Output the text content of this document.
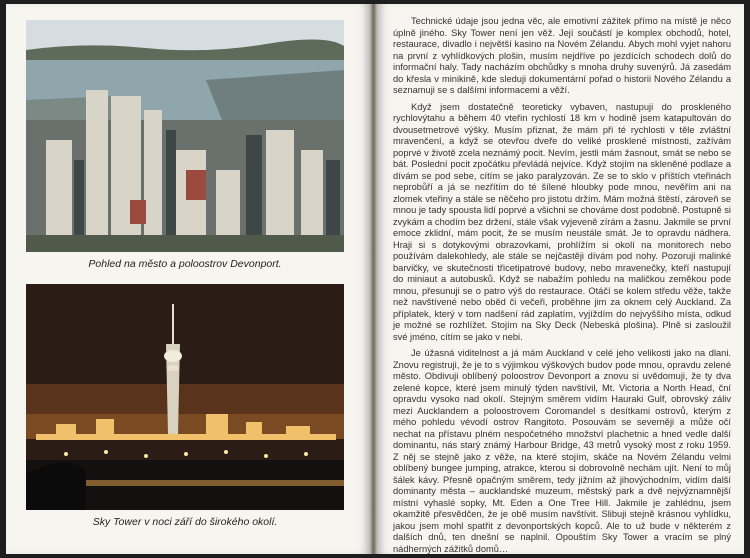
Pohled na město a poloostrov Devonport.
Sky Tower v noci září do širokého okolí.

Technické údaje jsou jedna věc, ale emotivní zážitek přímo na místě je něco úplně jiného. Sky Tower není jen věž. Její součástí je komplex obchodů, hotel, restaurace, divadlo i největší kasino na Novém Zélandu. Abych mohl vyjet nahoru na první z vyhlídkových plošin, musím nejdříve po jezdících schodech dolů do informační haly. Tady nacházím obchůdky s mnoha druhy suvenýrů. Já zasedám do křesla v minikině, kde sleduji dokumentární pořad o historii Nového Zélandu a seznamuji se s dalšími informacemi a věží.

Když jsem dostatečně teoreticky vybaven, nastupuji do proskleného rychlovýtahu a během 40 vteřin rychlostí 18 km v hodině jsem katapultován do dvousetmetrové výšky. Musím přiznat, že mám při té rychlosti v těle zvláštní mravenčení, a když se otevřou dveře do veliké prosklené místnosti, zažívám poprvé v životě zcela neznámý pocit. Nevím, jestli mám žasnout, smát se nebo se bát. Poslední pocit zpočátku převládá nejvíce. Když stojím na skleněné podlaze a dívám se pod sebe, cítím se jako paralyzován. Ze se to sklo v příštích vteřinách neprobůří a já se nezřítím do té šílené hloubky pode mnou, nevěřím ani na zlomek vteřiny a stále se něčeho pro jistotu držím. Mám možná štěstí, zároveň se mnou je tady spousta lidí poprvé a všichni se chováme dost podobně. Postupně si zvykám a chodím bez držení, stále však vyjeveně zírám a žasnu. Jakmile se první emoce zklidní, mám pocit, že se musím neustále smát. Je to opravdu nádhera. Hraji si s dotykovými obrazovkami, prohlížím si okolí na monitorech nebo používám dalekohledy, ale stále se nejčastěji dívám pod nohy. Pozoruji malinké barvičky, ve skutečnosti třicetipatrové budovy, nebo mravenečky, kteří nastupují do miniaut a autobusků. Když se nabažím pohledu na maličkou zeměkou pode mnou, přesunuji se o patro výš do restaurace. Otáčí se kolem středu věže, takže než navštívené nebo oběd či večeři, proběhne jim za oknem celý Auckland. Za příplatek, který v tom nadšení rád zaplatím, vyjíždím do nejvyššího místa, odkud je možné se rozhlížet. Stojím na Sky Deck (Nebeská plošina). Plně si zasloužil své jméno, cítím se jako v nebi.

Je úžasná viditelnost a já mám Auckland v celé jeho velikosti jako na dlani. Znovu registruji, že je to s výjimkou výškových budov pode mnou, opravdu zelené město. Obdivuji oblíbený poloostrov Devonport a znovu si uvědomuji, že ty dva zelené kopce, které jsem minulý týden navštívil, Mt. Victoria a North Head, ční opravdu vysoko nad okolí. Stejným směrem vidím Hauraki Gulf, obrovský záliv mezi Aucklandem a poloostrovem Coromandel s desítkami ostrovů, kterým z mého pohledu vévodí ostrov Rangitoto. Posouvám se severněji a může očí nechat na přístavu plném nespočetného množství plachetnic a hned vedle další dominantu, nás starý známý Harbour Bridge, 43 metrů vysoký most z roku 1959. Z něj se stejně jako z věže, na které stojím, skáče na Novém Zélandu velmi oblíbený bungee jumping, atrakce, kterou si dobrovolně nechám ujít. Není to můj šálek kávy. Přesně opačným směrem, tedy jižním až jihovýchodním, vidím další dominanty města – aucklandské muzeum, městský park a dvě nejvýznamnější místní vyhaslé sopky, Mt. Eden a One Tree Hill. Jakmile je zahlédnu, jsem okamžitě přesvědčen, že je obě musím navštívit. Slibuji stejně krásnou vyhlídku, jakou jsem mohl spatřit z devonportských kopců. Ale to už bude v některém z dalších dnů, ten dnešní se naplnil. Opouštím Sky Tower a vracím se plný nádherných zážitků domů…
